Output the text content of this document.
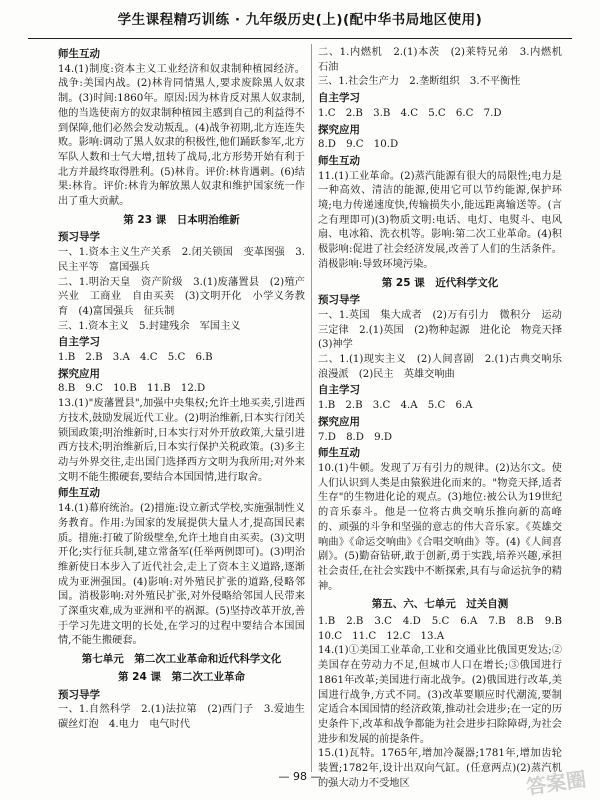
学生课程精巧训练 · 九年级历史(上)(配中华书局地区使用)
师生互动
14.(1)制度:资本主义工业经济和奴隶制种植园经济。战争:美国内战。(2)林肯同情黑人,要求废除黑人奴隶制。(3)时间:1860年。原因:因为林肯反对黑人奴隶制,他的当选使南方的奴隶制种植园主感到自己的利益得不到保障,他们必然会发动叛乱。(4)战争初期,北方连连失败。影响:调动了黑人奴隶的积极性,他们踊跃参军,北方军队人数和士气大增,扭转了战局,北方形势开始有利于北方并最终取得胜利。(5)林肯。评价:林肯遇刺。(6)结果:林肯。评价:林肯为解放黑人奴隶和维护国家统一作出了重大贡献。
第 23 课　日本明治维新
预习导学
一、1.资本主义生产关系　2.闭关锁国　变革图强　3.民主平等　富国强兵
二、1.明治天皇　资产阶级　3.(1)废藩置县　(2)殖产兴业　工商业　自由买卖　(3)文明开化　小学义务教育　(4)富国强兵　征兵制
三、1.资本主义　5.封建残余　军国主义
自主学习
1.B　2.B　3.A　4.C　5.C　6.B
探究应用
8.B　9.C　10.B　11.B　12.D
13.(1)"废藩置县",加强中央集权;允许土地买卖,引进西方技术,鼓励发展近代工业。(2)明治维新,日本实行闭关锁国政策;明治维新时,日本实行对外开放政策,大量引进西方技术;明治维新后,日本实行保护关税政策。(3)多主动与外界交往,走出国门选择西方文明为我所用;对外来文明不能生搬硬套,要结合本国国情,进行取舍。
师生互动
14.(1)幕府统治。(2)措施:设立新式学校,实施强制性义务教育。作用:为国家的发展提供大量人才,提高国民素质。措施:打破了阶级壁垒,允许土地自由买卖。(3)文明开化;实行征兵制,建立常备军(任举两例即可)。(3)明治维新使日本步入了近代社会,走上了资本主义道路,逐渐成为亚洲强国。(4)影响:对外殖民扩张的道路,侵略邻国。消极影响:对外殖民扩张,对外侵略给邻国人民带来了深重灾难,成为亚洲和平的祸源。(5)坚持改革开放,善于学习先进文明的长处,在学习的过程中要结合本国国情,不能生搬硬套。
第七单元　第二次工业革命和近代科学文化
第 24 课　第二次工业革命
预习导学
一、1.自然科学　2.(1)法拉第　(2)西门子　3.爱迪生　碳丝灯泡　4.电力　电气时代
二、1.内燃机　2.(1)本茨　(2)莱特兄弟　3.内燃机　石油
三、1.社会生产力　2.垄断组织　3.不平衡性
自主学习
1.C　2.B　3.B　4.C　5.C　6.C　7.D
探究应用
8.D　9.C　10.D
师生互动
11.(1)工业革命。(2)蒸汽能源有很大的局限性;电力是一种高效、清洁的能源,使用它可以节约能源,保护环境;电力传递速度快,传输损失小,能远距离输送等。(言之有理即可)(3)物质文明:电话、电灯、电熨斗、电风扇、电冰箱、洗衣机等。影响:第二次工业革命。(4)积极影响:促进了社会经济发展,改善了人们的生活条件。消极影响:导致环境污染。
第 25 课　近代科学文化
预习导学
一、1.英国　集大成者　(2)万有引力　微积分　运动三定律　2.(1)英国　(2)物种起源　进化论　物竞天择　(3)神学
二、1.(1)现实主义　(2)人间喜剧　2.(1)古典交响乐　浪漫派　(2)民主　英雄交响曲
自主学习
1.B　2.B　3.C　4.A　5.C　6.A
探究应用
7.D　8.D　9.D
师生互动
10.(1)牛顿。发现了万有引力的规律。(2)达尔文。使人们认识到人类是由猿猴进化而来的。"物竞天择,适者生存"的生物进化论的观点。(3)地位:被公认为19世纪的音乐泰斗。他是一位将古典交响乐推向新的高峰的、顽强的斗争和坚强的意志的伟大音乐家。《英雄交响曲》《命运交响曲》《合唱交响曲》等。(4)《人间喜剧》。(5)勤奋钻研,敢于创新,勇于实践,培养兴趣,承担社会责任,在社会实践中不断探索,具有与命运抗争的精神。
第五、六、七单元　过关自测
1.B　2.B　3.C　4.D　5.C　6.A　7.B　8.B　9.B　10.C　11.C　12.C　13.A
14.(1)①美国工业革命,工业和交通业比俄国更发达;②美国存在劳动力不足,但城市人口在增长;③俄国进行1861年改革;美国进行南北战争。(2)俄国进行改革,美国进行战争,方式不同。(3)改革要顺应时代潮流,要制定适合本国国情的经济政策,推动社会进步;在一定的历史条件下,改革和战争都能为社会进步扫除障碍,为社会进步和发展的前提条件。
15.(1)瓦特。1765年,增加冷凝器;1781年,增加齿轮装置;1782年,设计出双向气缸。(任意两点)(2)蒸汽机的强大动力不受地区
— 98 —	答案圈
